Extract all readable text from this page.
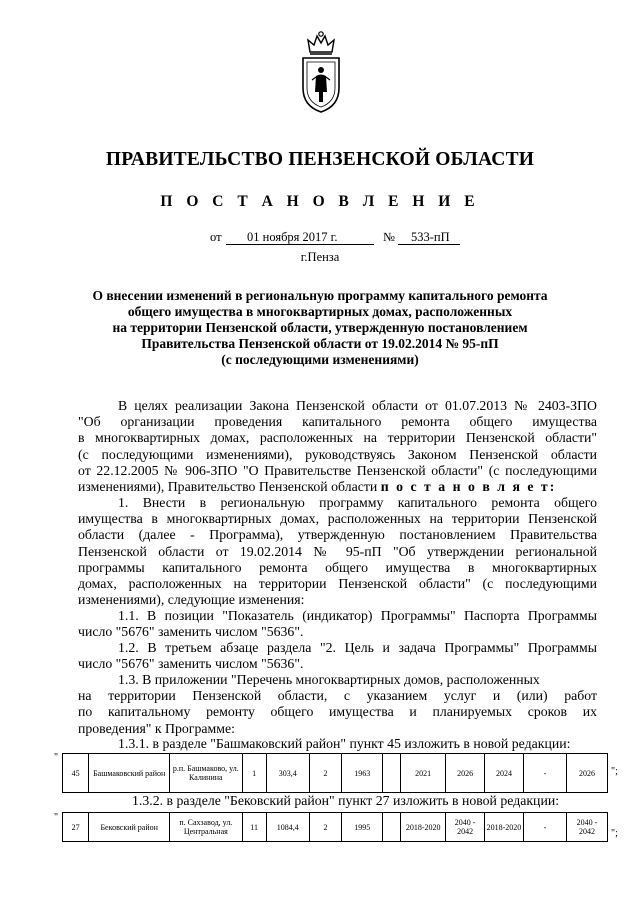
ПРАВИТЕЛЬСТВО ПЕНЗЕНСКОЙ ОБЛАСТИ
П О С Т А Н О В Л Е Н И Е
от 01 ноября 2017 г.	№ 533-пП
г.Пенза
О внесении изменений в региональную программу капитального ремонта
общего имущества в многоквартирных домах, расположенных
на территории Пензенской области, утвержденную постановлением
Правительства Пензенской области от 19.02.2014 № 95-пП
(с последующими изменениями)
В целях реализации Закона Пензенской области от 01.07.2013 № 2403-ЗПО
"Об организации проведения капитального ремонта общего имущества
в многоквартирных домах, расположенных на территории Пензенской области"
(с последующими изменениями), руководствуясь Законом Пензенской области
от 22.12.2005 № 906-ЗПО "О Правительстве Пензенской области" (с последующими
изменениями), Правительство Пензенской области п о с т а н о в л я е т:
1. Внести в региональную программу капитального ремонта общего
имущества в многоквартирных домах, расположенных на территории Пензенской
области (далее - Программа), утвержденную постановлением Правительства
Пензенской области от 19.02.2014 № 95-пП "Об утверждении региональной
программы капитального ремонта общего имущества в многоквартирных
домах, расположенных на территории Пензенской области" (с последующими
изменениями), следующие изменения:
1.1. В позиции "Показатель (индикатор) Программы" Паспорта Программы
число "5676" заменить числом "5636".
1.2. В третьем абзаце раздела "2. Цель и задача Программы" Программы
число "5676" заменить числом "5636".
1.3. В приложении "Перечень многоквартирных домов, расположенных
на территории Пензенской области, с указанием услуг и (или) работ
по капитальному ремонту общего имущества и планируемых сроков их
проведения" к Программе:
1.3.1. в разделе "Башмаковский район" пункт 45 изложить в новой редакции:
"
45	Башмаковский район	р.п. Башмаково, ул. Калинина	1	303,4	2	1963		2021	2026	2024	-	2026 ";
1.3.2. в разделе "Бековский район" пункт 27 изложить в новой редакции:
"
27	Бековский район	п. Сахзавод, ул. Центральная	11	1084,4	2	1995		2018-2020	2040 - 2042	2018-2020	-	2040 - 2042 ";
